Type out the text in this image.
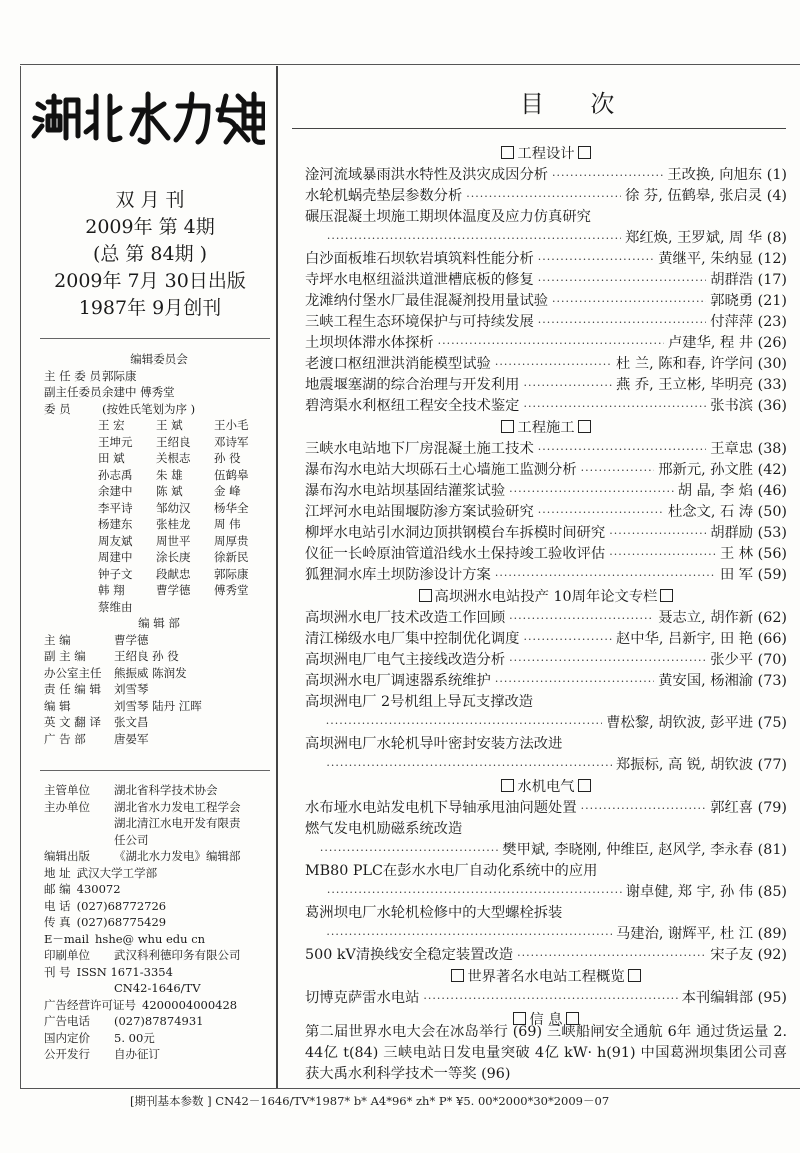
双 月 刊
2009年 第 4期
(总 第 84期 )
2009年 7月 30日出版
1987年 9月创刊
编辑委员会
主 任 委 员 郭际康
副主任委员 余建中 傅秀堂
委 员	(按姓氏笔划为序 )
王 宏	王 斌	王小毛
王坤元	王绍良	邓诗军
田 斌	关根志	孙 役
孙志禹	朱 雄	伍鹤皋
余建中	陈 斌	金 峰
李平诗	邹幼汉	杨华全
杨建东	张桂龙	周 伟
周友斌	周世平	周厚贵
周建中	涂长庚	徐新民
钟子文	段献忠	郭际康
韩 翔	曹学德	傅秀堂
蔡维由
编 辑 部
主 编	曹学德
副 主 编	王绍良 孙 役
办公室主任	熊振威 陈润发
责 任 编 辑	刘雪琴
编 辑	刘雪琴 陆丹 江晖
英 文 翻 译	张文昌
广 告 部	唐晏军
主管单位	湖北省科学技术协会
主办单位	湖北省水力发电工程学会
湖北清江水电开发有限责
任公司
编辑出版	《湖北水力发电》编辑部
地 址 武汉大学工学部
邮 编 430072
电 话 (027)68772726
传 真 (027)68775429
E－mail hshe@ whu edu cn
印刷单位	武汉科利德印务有限公司
刊 号 ISSN 1671-3354
CN42-1646/TV
广告经营许可证号 4200004000428
广告电话	(027)87874931
国内定价	5. 00元
公开发行	自办征订
目 次
工程设计
淦河流域暴雨洪水特性及洪灾成因分析 ·····	王改换, 向旭东 (1)
水轮机蜗壳垫层参数分析 ·····	徐 芬, 伍鹤皋, 张启灵 (4)
碾压混凝土坝施工期坝体温度及应力仿真研究
·····
郑红焕, 王罗斌, 周 华 (8)
白沙面板堆石坝软岩填筑料性能分析 ·····	黄继平, 朱纳显 (12)
寺坪水电枢纽溢洪道泄槽底板的修复 ·····	胡群浩 (17)
龙滩纳付堡水厂最佳混凝剂投用量试验 ·····	郭晓勇 (21)
三峡工程生态环境保护与可持续发展 ·····	付萍萍 (23)
土坝坝体滞水体探析 ·····	卢建华, 程 井 (26)
老渡口枢纽泄洪消能模型试验 ·····	杜 兰, 陈和春, 许学问 (30)
地震堰塞湖的综合治理与开发利用 ·····	燕 乔, 王立彬, 毕明亮 (33)
碧湾渠水利枢纽工程安全技术鉴定 ·····	张书滨 (36)
工程施工
三峡水电站地下厂房混凝土施工技术 ·····	王章忠 (38)
瀑布沟水电站大坝砾石土心墙施工监测分析 ·····	邢新元, 孙文胜 (42)
瀑布沟水电站坝基固结灌浆试验 ·····	胡 晶, 李 焰 (46)
江坪河水电站围堰防渗方案试验研究 ·····	杜念文, 石 涛 (50)
柳坪水电站引水洞边顶拱钢模台车拆模时间研究 ·····	胡群励 (53)
仪征一长岭原油管道沿线水土保持竣工验收评估 ·····	王 林 (56)
狐狸洞水库土坝防渗设计方案 ·····	田 军 (59)
高坝洲水电站投产 10周年论文专栏
高坝洲水电厂技术改造工作回顾 ·····	聂志立, 胡作新 (62)
清江梯级水电厂集中控制优化调度 ·····	赵中华, 吕新宇, 田 艳 (66)
高坝洲电厂电气主接线改造分析 ·····	张少平 (70)
高坝洲水电厂调速器系统维护 ·····	黄安国, 杨湘渝 (73)
高坝洲电厂 2号机组上导瓦支撑改造
·····
曹松黎, 胡钦波, 彭平进 (75)
高坝洲电厂水轮机导叶密封安装方法改进
·····
郑振标, 高 锐, 胡钦波 (77)
水机电气
水布垭水电站发电机下导轴承甩油问题处置 ·····	郭红喜 (79)
燃气发电机励磁系统改造
·····
樊甲斌, 李晓刚, 仲维臣, 赵风学, 李永春 (81)
MB80 PLC在彭水水电厂自动化系统中的应用
·····
谢卓健, 郑 宇, 孙 伟 (85)
葛洲坝电厂水轮机检修中的大型螺栓拆装
·····
马建治, 谢辉平, 杜 江 (89)
500 kV清换线安全稳定装置改造 ·····	宋子友 (92)
世界著名水电站工程概览
切博克萨雷水电站 ·····	本刊编辑部 (95)
信 息
第二届世界水电大会在冰岛举行 (69) 三峡船闸安全通航 6年 通过货运量 2. 44亿 t(84) 三峡电站日发电量突破 4亿 kW· h(91) 中国葛洲坝集团公司喜获大禹水利科学技术一等奖 (96)
[期刊基本参数 ] CN42－1646/TV*1987* b* A4*96* zh* P* ¥5. 00*2000*30*2009－07
